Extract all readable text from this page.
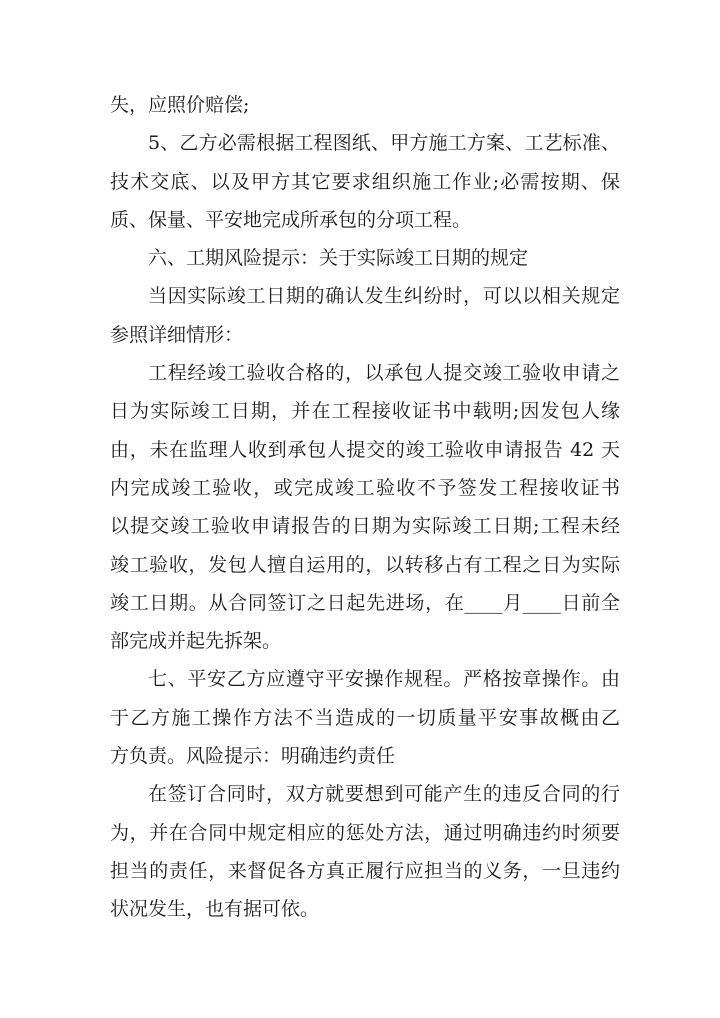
失，应照价赔偿;
5、乙方必需根据工程图纸、甲方施工方案、工艺标准、
技术交底、以及甲方其它要求组织施工作业;必需按期、保
质、保量、平安地完成所承包的分项工程。
六、工期风险提示：关于实际竣工日期的规定
当因实际竣工日期的确认发生纠纷时，可以以相关规定
参照详细情形：
工程经竣工验收合格的，以承包人提交竣工验收申请之
日为实际竣工日期，并在工程接收证书中载明;因发包人缘
由，未在监理人收到承包人提交的竣工验收申请报告 42 天
内完成竣工验收，或完成竣工验收不予签发工程接收证书
以提交竣工验收申请报告的日期为实际竣工日期;工程未经
竣工验收，发包人擅自运用的，以转移占有工程之日为实际
竣工日期。从合同签订之日起先进场，在____月____日前全
部完成并起先拆架。
七、平安乙方应遵守平安操作规程。严格按章操作。由
于乙方施工操作方法不当造成的一切质量平安事故概由乙
方负责。风险提示：明确违约责任
在签订合同时，双方就要想到可能产生的违反合同的行
为，并在合同中规定相应的惩处方法，通过明确违约时须要
担当的责任，来督促各方真正履行应担当的义务，一旦违约
状况发生，也有据可依。
